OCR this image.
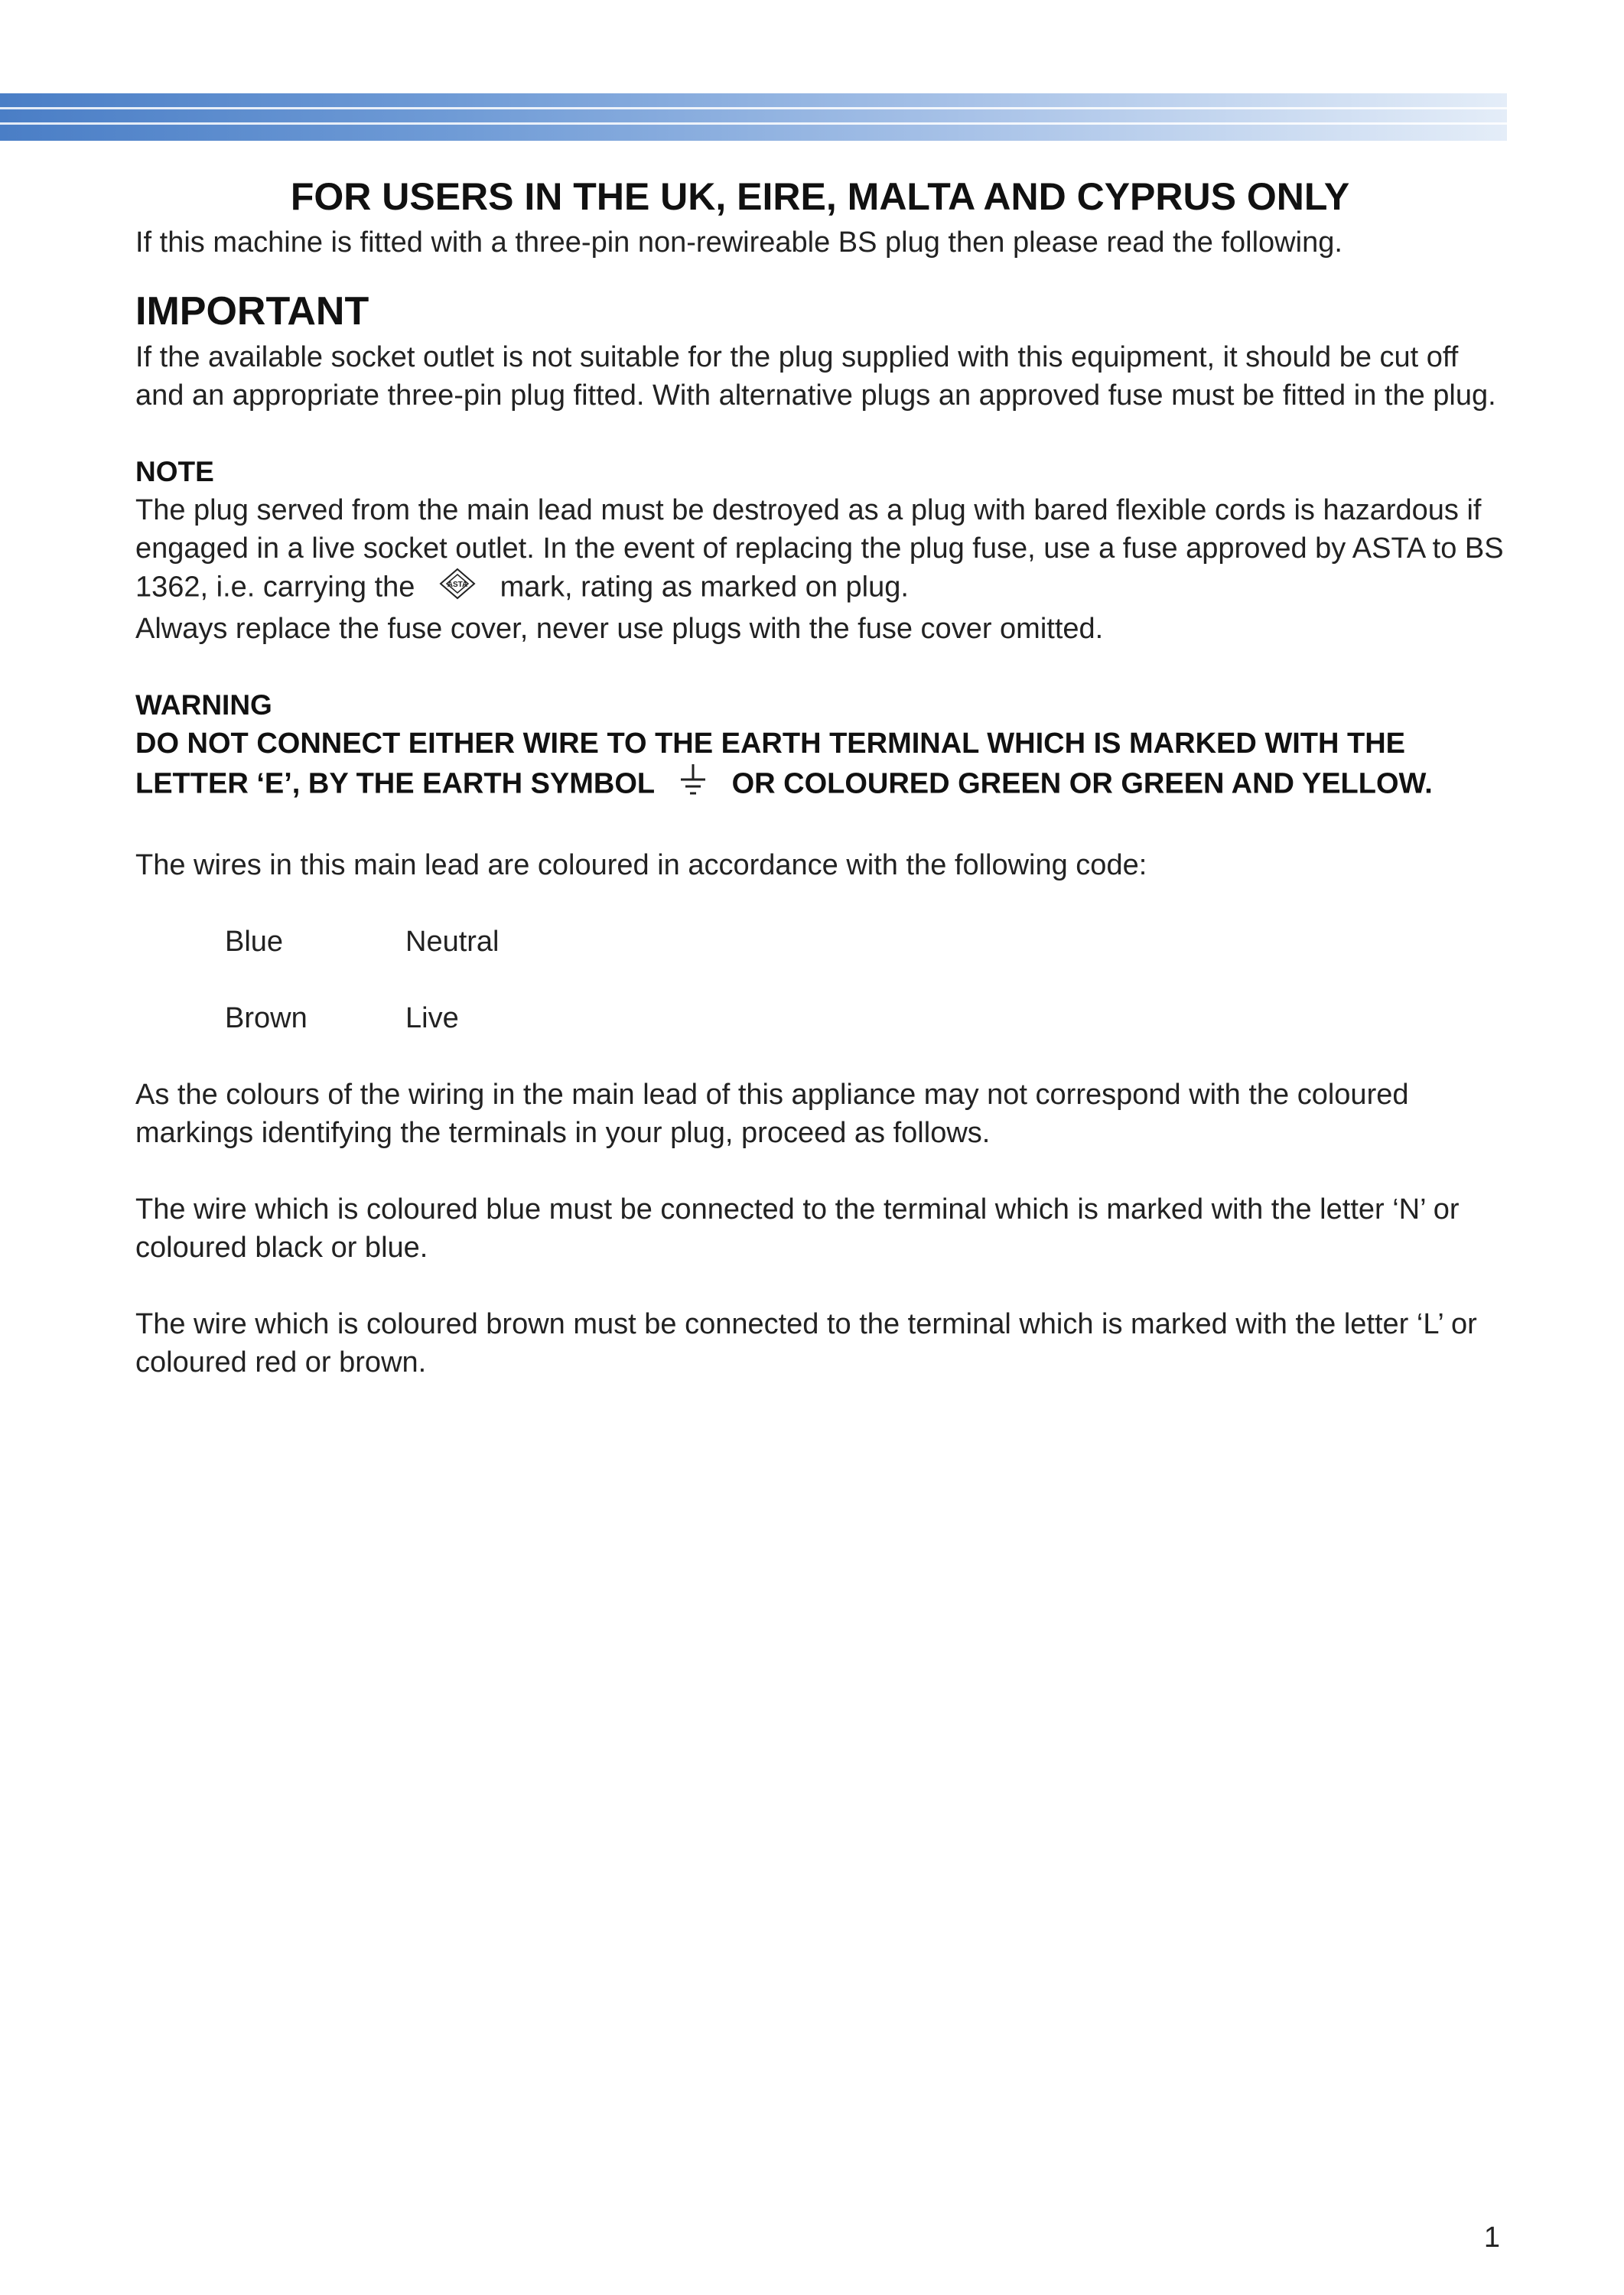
FOR USERS IN THE UK, EIRE, MALTA AND CYPRUS ONLY

If this machine is fitted with a three-pin non-rewireable BS plug then please read the following.

IMPORTANT

If the available socket outlet is not suitable for the plug supplied with this equipment, it should be cut off and an appropriate three-pin plug fitted. With alternative plugs an approved fuse must be fitted in the plug.

NOTE

The plug served from the main lead must be destroyed as a plug with bared flexible cords is hazardous if engaged in a live socket outlet. In the event of replacing the plug fuse, use a fuse approved by ASTA to BS 1362, i.e. carrying the	ASTA mark, rating as marked on plug.
Always replace the fuse cover, never use plugs with the fuse cover omitted.

WARNING

DO NOT CONNECT EITHER WIRE TO THE EARTH TERMINAL WHICH IS MARKED WITH THE LETTER ‘E’, BY THE EARTH SYMBOL	OR COLOURED GREEN OR GREEN AND YELLOW.

The wires in this main lead are coloured in accordance with the following code:

Blue	Neutral
Brown	Live

As the colours of the wiring in the main lead of this appliance may not correspond with the coloured markings identifying the terminals in your plug, proceed as follows.

The wire which is coloured blue must be connected to the terminal which is marked with the letter ‘N’ or coloured black or blue.

The wire which is coloured brown must be connected to the terminal which is marked with the letter ‘L’ or coloured red or brown.

1
